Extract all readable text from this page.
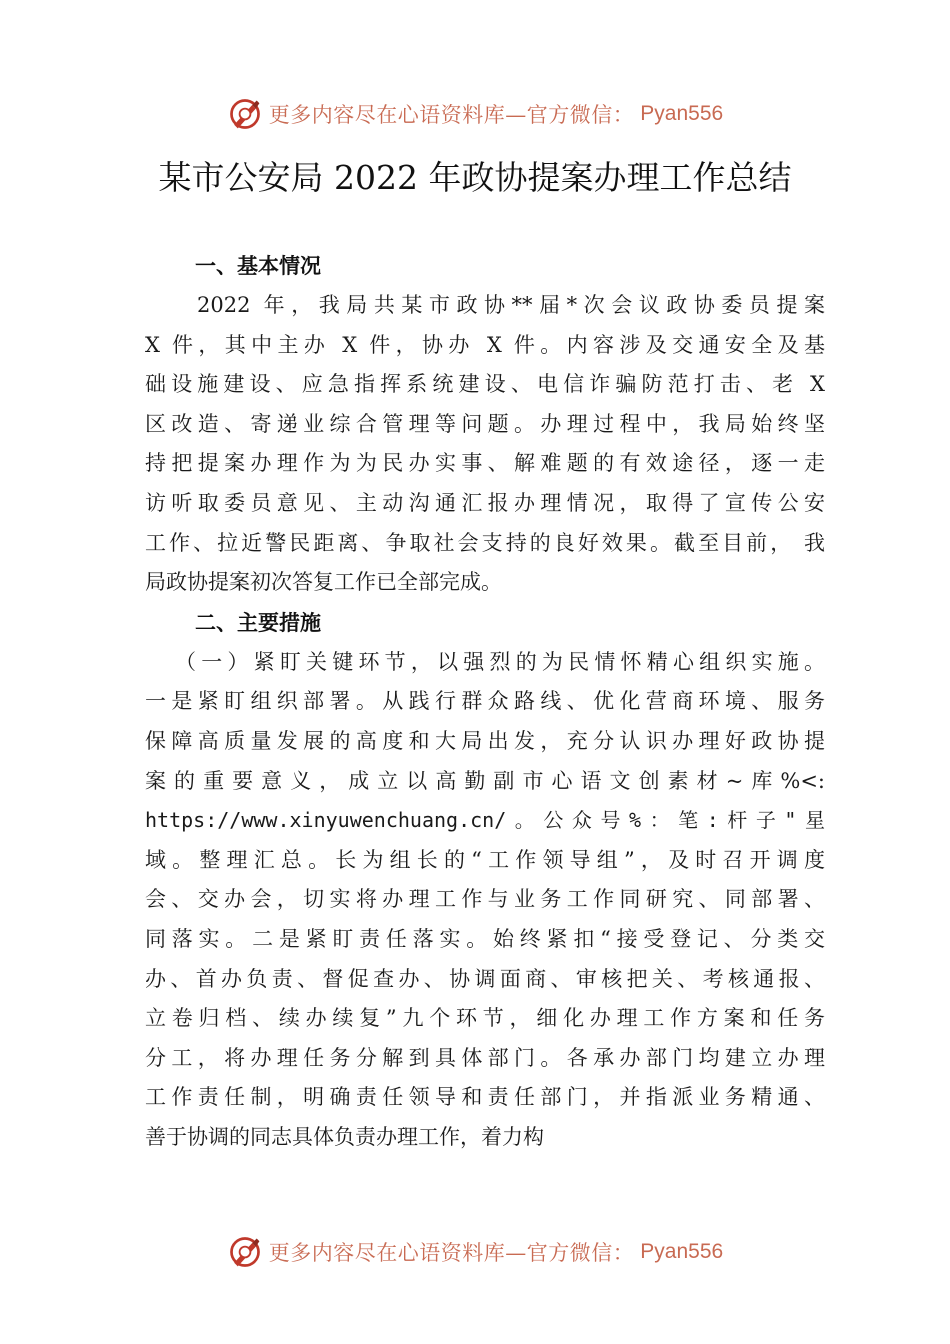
更多内容尽在心语资料库—官方微信： Pyan556
某市公安局 2022 年政协提案办理工作总结
一、基本情况
2022 年，我局共某市政协**届*次会议政协委员提案
X 件，其中主办 X 件，协办 X 件。内容涉及交通安全及基
础设施建设、应急指挥系统建设、电信诈骗防范打击、老 X
区改造、寄递业综合管理等问题。办理过程中，我局始终坚
持把提案办理作为为民办实事、解难题的有效途径，逐一走
访听取委员意见、主动沟通汇报办理情况，取得了宣传公安
工作、拉近警民距离、争取社会支持的良好效果。截至目前， 我
局政协提案初次答复工作已全部完成。
二、主要措施
（一）紧盯关键环节，以强烈的为民情怀精心组织实施。
一是紧盯组织部署。从践行群众路线、优化营商环境、服务
保障高质量发展的高度和大局出发，充分认识办理好政协提
案的重要意义，成立以高勤副市心语文创素材~库%<:
https://www.xinyuwenchuang.cn/。公众号%：笔:杆子"星
域。整理汇总。长为组长的“工作领导组”，及时召开调度
会、交办会，切实将办理工作与业务工作同研究、同部署、
同落实。二是紧盯责任落实。始终紧扣“接受登记、分类交
办、首办负责、督促查办、协调面商、审核把关、考核通报、
立卷归档、续办续复”九个环节，细化办理工作方案和任务
分工，将办理任务分解到具体部门。各承办部门均建立办理
工作责任制，明确责任领导和责任部门，并指派业务精通、
善于协调的同志具体负责办理工作，着力构
更多内容尽在心语资料库—官方微信： Pyan556
